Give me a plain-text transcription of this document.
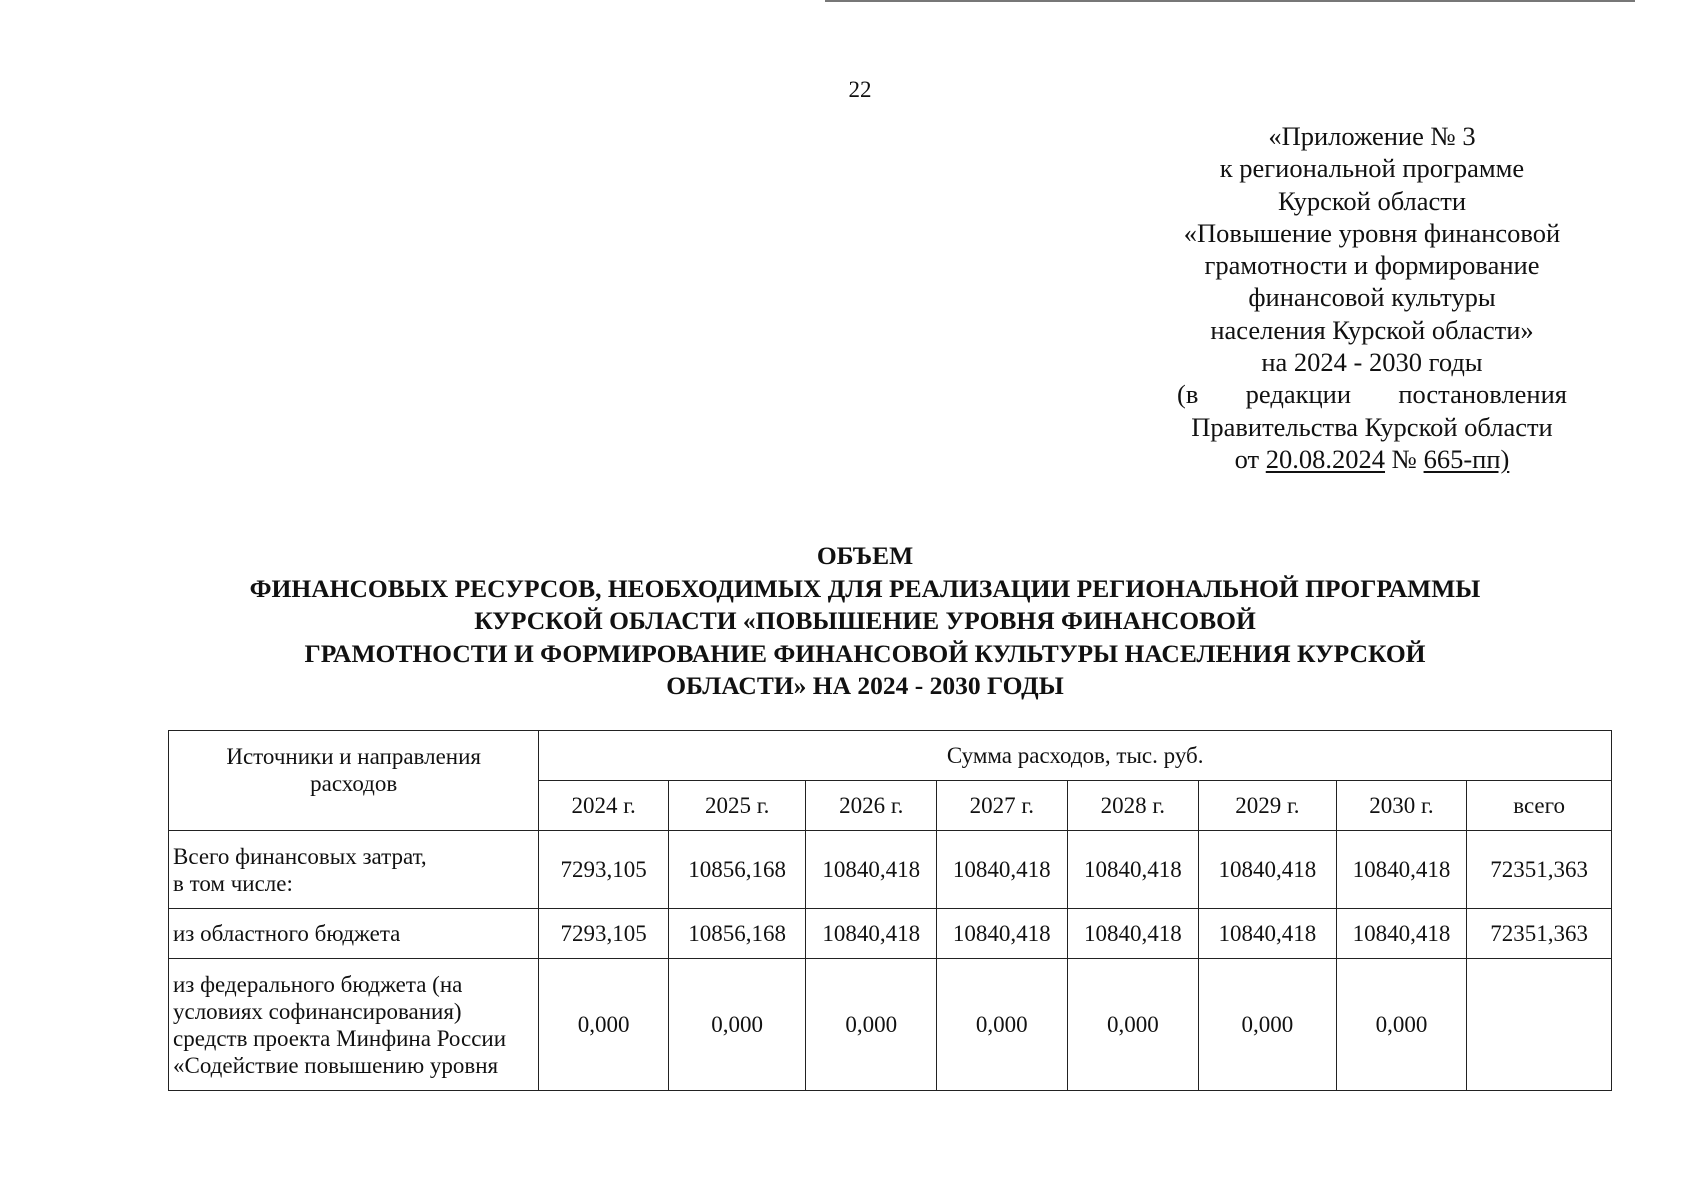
22
«Приложение № 3
к региональной программе
Курской области
«Повышение уровня финансовой
грамотности и формирование
финансовой культуры
населения Курской области»
на 2024 - 2030 годы
(в редакции постановления
Правительства Курской области
от 20.08.2024 № 665-пп)
ОБЪЕМ
ФИНАНСОВЫХ РЕСУРСОВ, НЕОБХОДИМЫХ ДЛЯ РЕАЛИЗАЦИИ РЕГИОНАЛЬНОЙ ПРОГРАММЫ
КУРСКОЙ ОБЛАСТИ «ПОВЫШЕНИЕ УРОВНЯ ФИНАНСОВОЙ
ГРАМОТНОСТИ И ФОРМИРОВАНИЕ ФИНАНСОВОЙ КУЛЬТУРЫ НАСЕЛЕНИЯ КУРСКОЙ
ОБЛАСТИ» НА 2024 - 2030 ГОДЫ
Источники и направления
расходов	Сумма расходов, тыс. руб.							
	2024 г.	2025 г.	2026 г.	2027 г.	2028 г.	2029 г.	2030 г.	всего

Всего финансовых затрат,
в том числе:	7293,105	10856,168	10840,418	10840,418	10840,418	10840,418	10840,418	72351,363

из областного бюджета	7293,105	10856,168	10840,418	10840,418	10840,418	10840,418	10840,418	72351,363

из федерального бюджета (на
условиях софинансирования)
средств проекта Минфина России
«Содействие повышению уровня	0,000	0,000	0,000	0,000	0,000	0,000	0,000	
